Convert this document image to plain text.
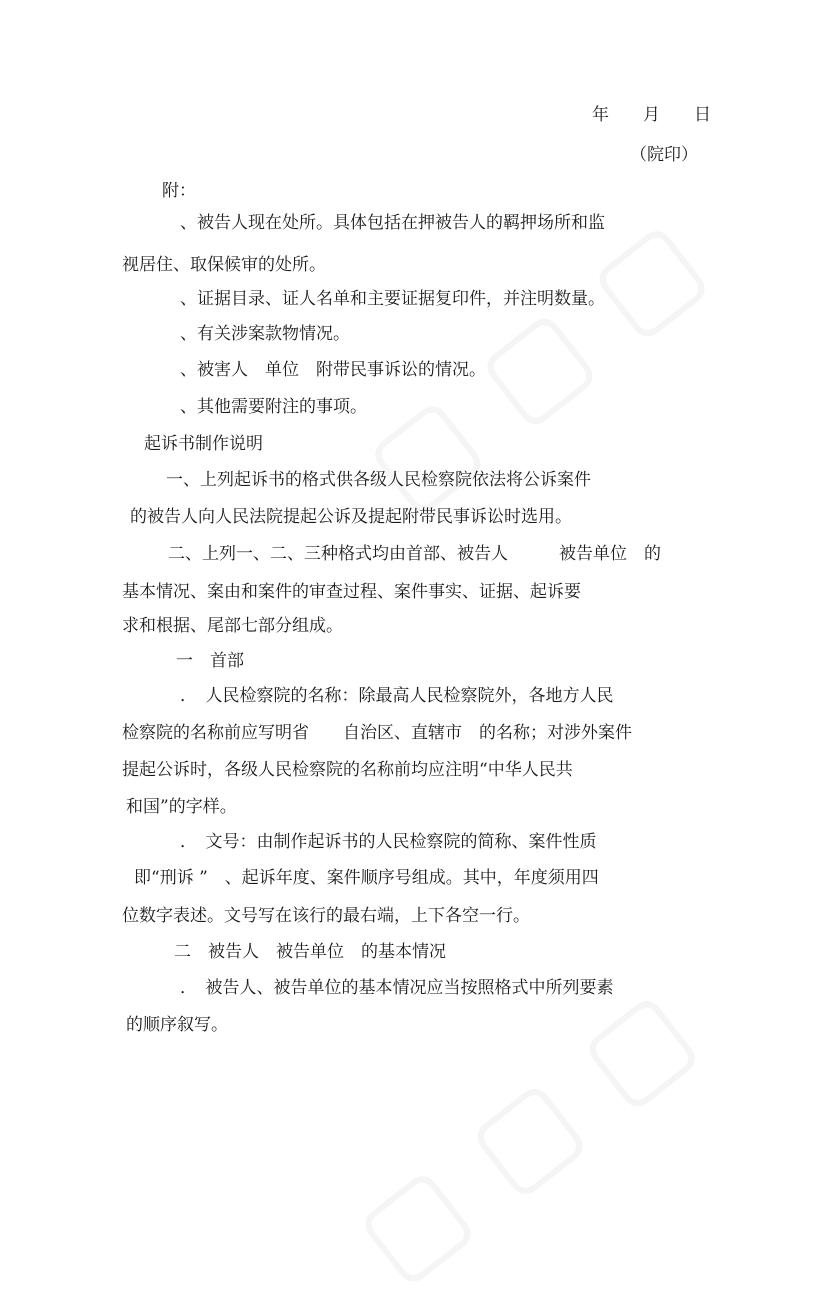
年　　月　　日

（院印）

附：

、被告人现在处所。具体包括在押被告人的羁押场所和监

视居住、取保候审的处所。

、证据目录、证人名单和主要证据复印件，并注明数量。

、有关涉案款物情况。

、被害人　单位　附带民事诉讼的情况。

、其他需要附注的事项。

起诉书制作说明

一、上列起诉书的格式供各级人民检察院依法将公诉案件

的被告人向人民法院提起公诉及提起附带民事诉讼时选用。

二、上列一、二、三种格式均由首部、被告人　　　被告单位　的

基本情况、案由和案件的审查过程、案件事实、证据、起诉要

求和根据、尾部七部分组成。

一　首部

．　人民检察院的名称：除最高人民检察院外，各地方人民

检察院的名称前应写明省　　自治区、直辖市　的名称；对涉外案件

提起公诉时，各级人民检察院的名称前均应注明“中华人民共

和国”的字样。

．　文号：由制作起诉书的人民检察院的简称、案件性质

即“刑诉 ”　、起诉年度、案件顺序号组成。其中，年度须用四

位数字表述。文号写在该行的最右端，上下各空一行。

二　被告人　被告单位　的基本情况

．　被告人、被告单位的基本情况应当按照格式中所列要素

的顺序叙写。
